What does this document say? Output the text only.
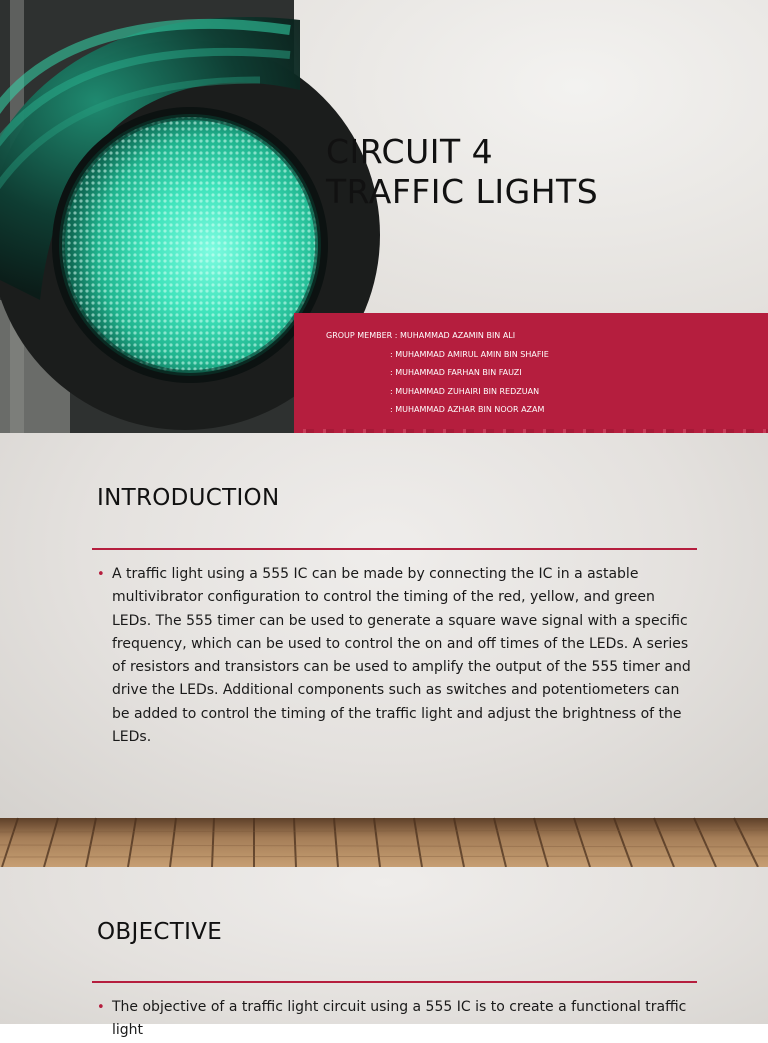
CIRCUIT 4
TRAFFIC LIGHTS
GROUP MEMBER : MUHAMMAD AZAMIN BIN ALI
: MUHAMMAD AMIRUL AMIN BIN SHAFIE
: MUHAMMAD FARHAN BIN FAUZI
: MUHAMMAD ZUHAIRI BIN REDZUAN
: MUHAMMAD AZHAR BIN NOOR AZAM
INTRODUCTION
• A traffic light using a 555 IC can be made by connecting the IC in a astable multivibrator configuration to control the timing of the red, yellow, and green LEDs. The 555 timer can be used to generate a square wave signal with a specific frequency, which can be used to control the on and off times of the LEDs. A series of resistors and transistors can be used to amplify the output of the 555 timer and drive the LEDs. Additional components such as switches and potentiometers can be added to control the timing of the traffic light and adjust the brightness of the LEDs.
OBJECTIVE
• The objective of a traffic light circuit using a 555 IC is to create a functional traffic light
